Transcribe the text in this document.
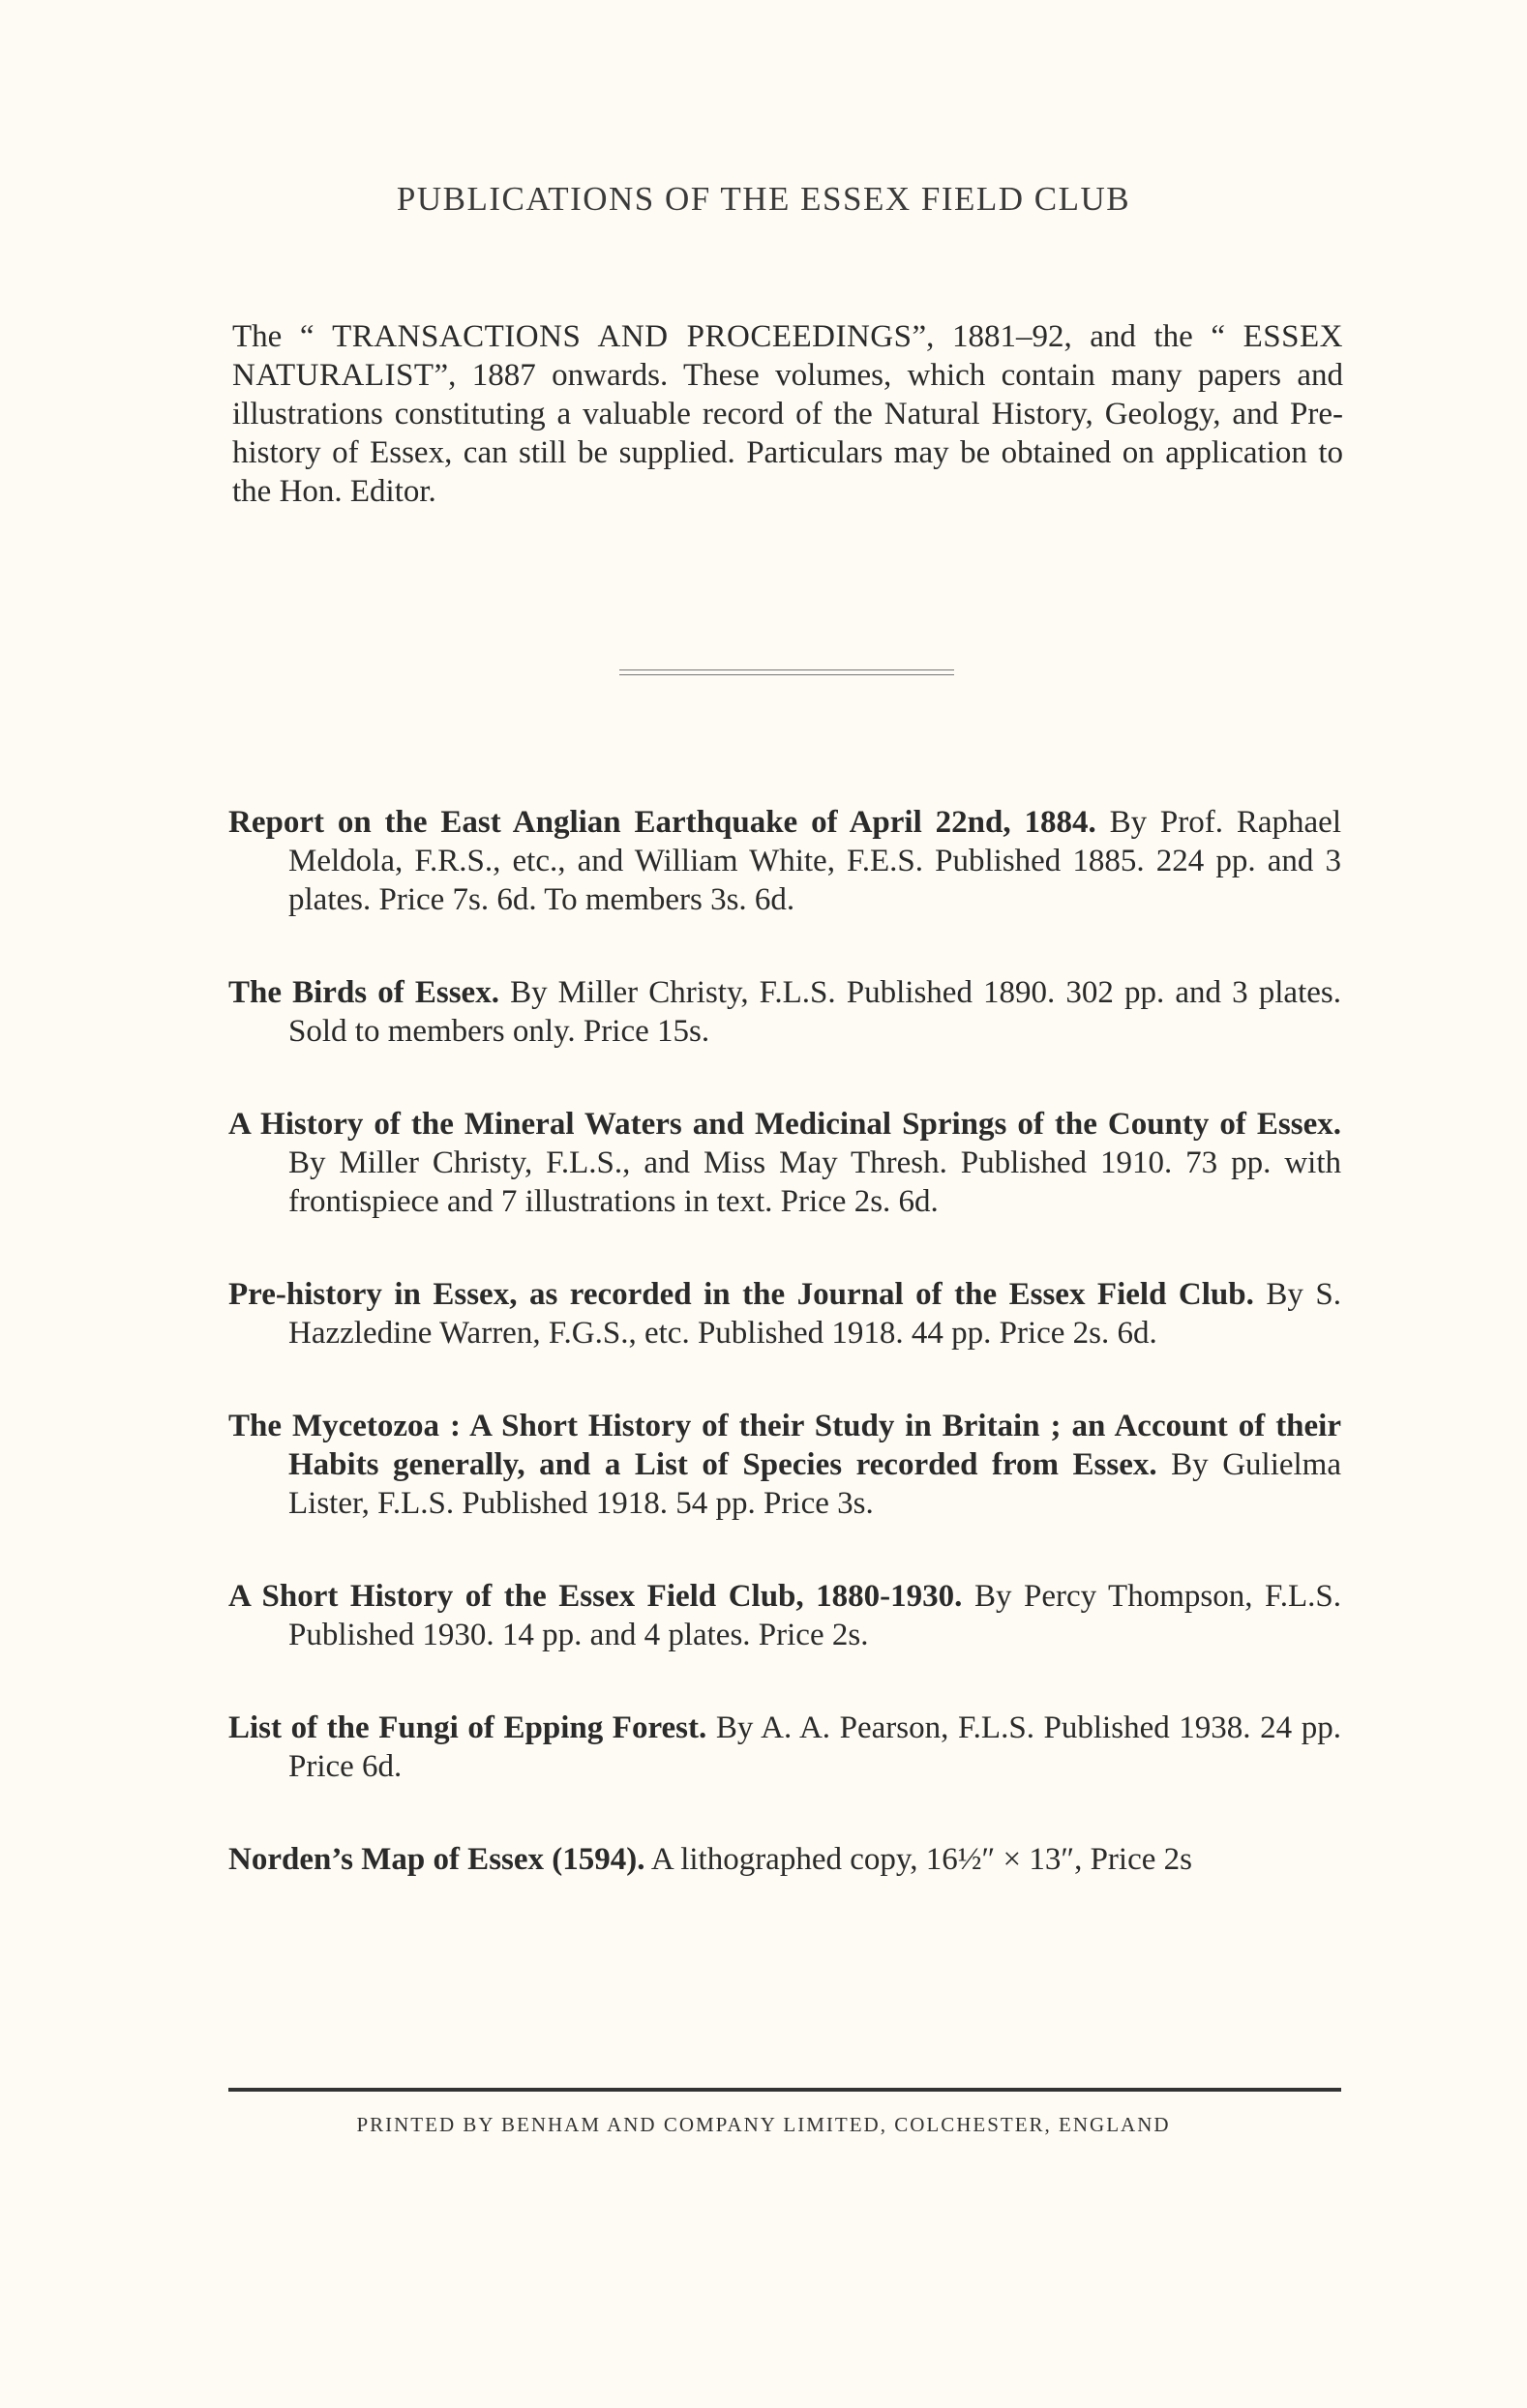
PUBLICATIONS OF THE ESSEX FIELD CLUB

The “ TRANSACTIONS AND PROCEEDINGS”, 1881–92, and the “ ESSEX NATURALIST”, 1887 onwards. These volumes, which contain many papers and illustrations constituting a valuable record of the Natural History, Geology, and Pre-history of Essex, can still be supplied. Particulars may be obtained on application to the Hon. Editor.

Report on the East Anglian Earthquake of April 22nd, 1884. By Prof. Raphael Meldola, F.R.S., etc., and William White, F.E.S. Published 1885. 224 pp. and 3 plates. Price 7s. 6d. To members 3s. 6d.
The Birds of Essex. By Miller Christy, F.L.S. Published 1890. 302 pp. and 3 plates. Sold to members only. Price 15s.
A History of the Mineral Waters and Medicinal Springs of the County of Essex. By Miller Christy, F.L.S., and Miss May Thresh. Published 1910. 73 pp. with frontispiece and 7 illustrations in text. Price 2s. 6d.
Pre-history in Essex, as recorded in the Journal of the Essex Field Club. By S. Hazzledine Warren, F.G.S., etc. Published 1918. 44 pp. Price 2s. 6d.
The Mycetozoa : A Short History of their Study in Britain ; an Account of their Habits generally, and a List of Species recorded from Essex. By Gulielma Lister, F.L.S. Published 1918. 54 pp. Price 3s.
A Short History of the Essex Field Club, 1880-1930. By Percy Thompson, F.L.S. Published 1930. 14 pp. and 4 plates. Price 2s.
List of the Fungi of Epping Forest. By A. A. Pearson, F.L.S. Published 1938. 24 pp. Price 6d.
Norden’s Map of Essex (1594). A lithographed copy, 16½″ × 13″, Price 2s

PRINTED BY BENHAM AND COMPANY LIMITED, COLCHESTER, ENGLAND
